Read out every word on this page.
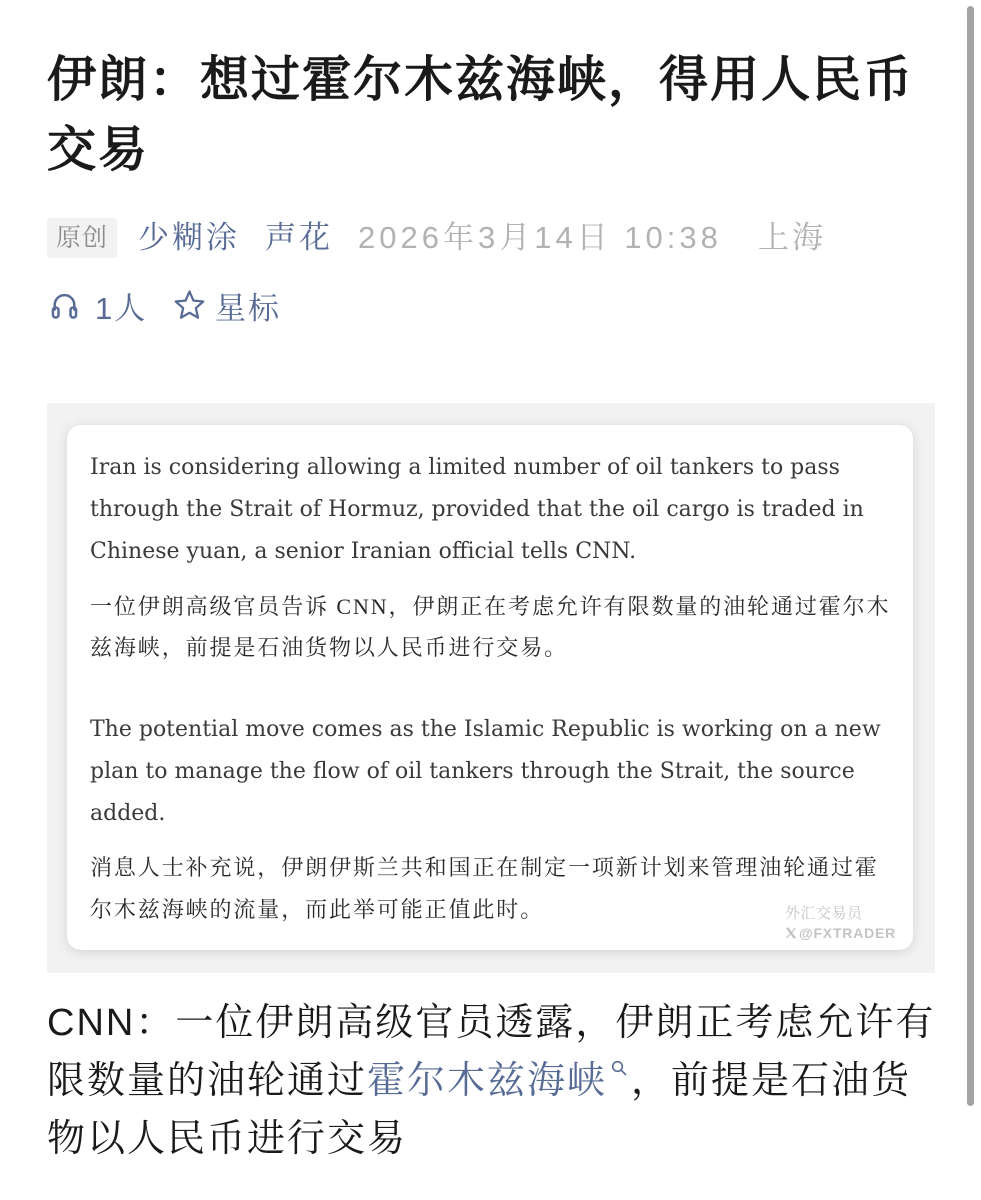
伊朗：想过霍尔木兹海峡，得用人民币交易
原创 少糊涂 声花 2026年3月14日 10:38 上海
1人 星标
Iran is considering allowing a limited number of oil tankers to pass
through the Strait of Hormuz, provided that the oil cargo is traded in
Chinese yuan, a senior Iranian official tells CNN.
一位伊朗高级官员告诉 CNN，伊朗正在考虑允许有限数量的油轮通过霍尔木
兹海峡，前提是石油货物以人民币进行交易。
The potential move comes as the Islamic Republic is working on a new
plan to manage the flow of oil tankers through the Strait, the source
added.
消息人士补充说，伊朗伊斯兰共和国正在制定一项新计划来管理油轮通过霍
尔木兹海峡的流量，而此举可能正值此时。	外汇交易员
@FXTRADER
CNN：一位伊朗高级官员透露，伊朗正考虑允许有
限数量的油轮通过霍尔木兹海峡 ，前提是石油货
物以人民币进行交易
